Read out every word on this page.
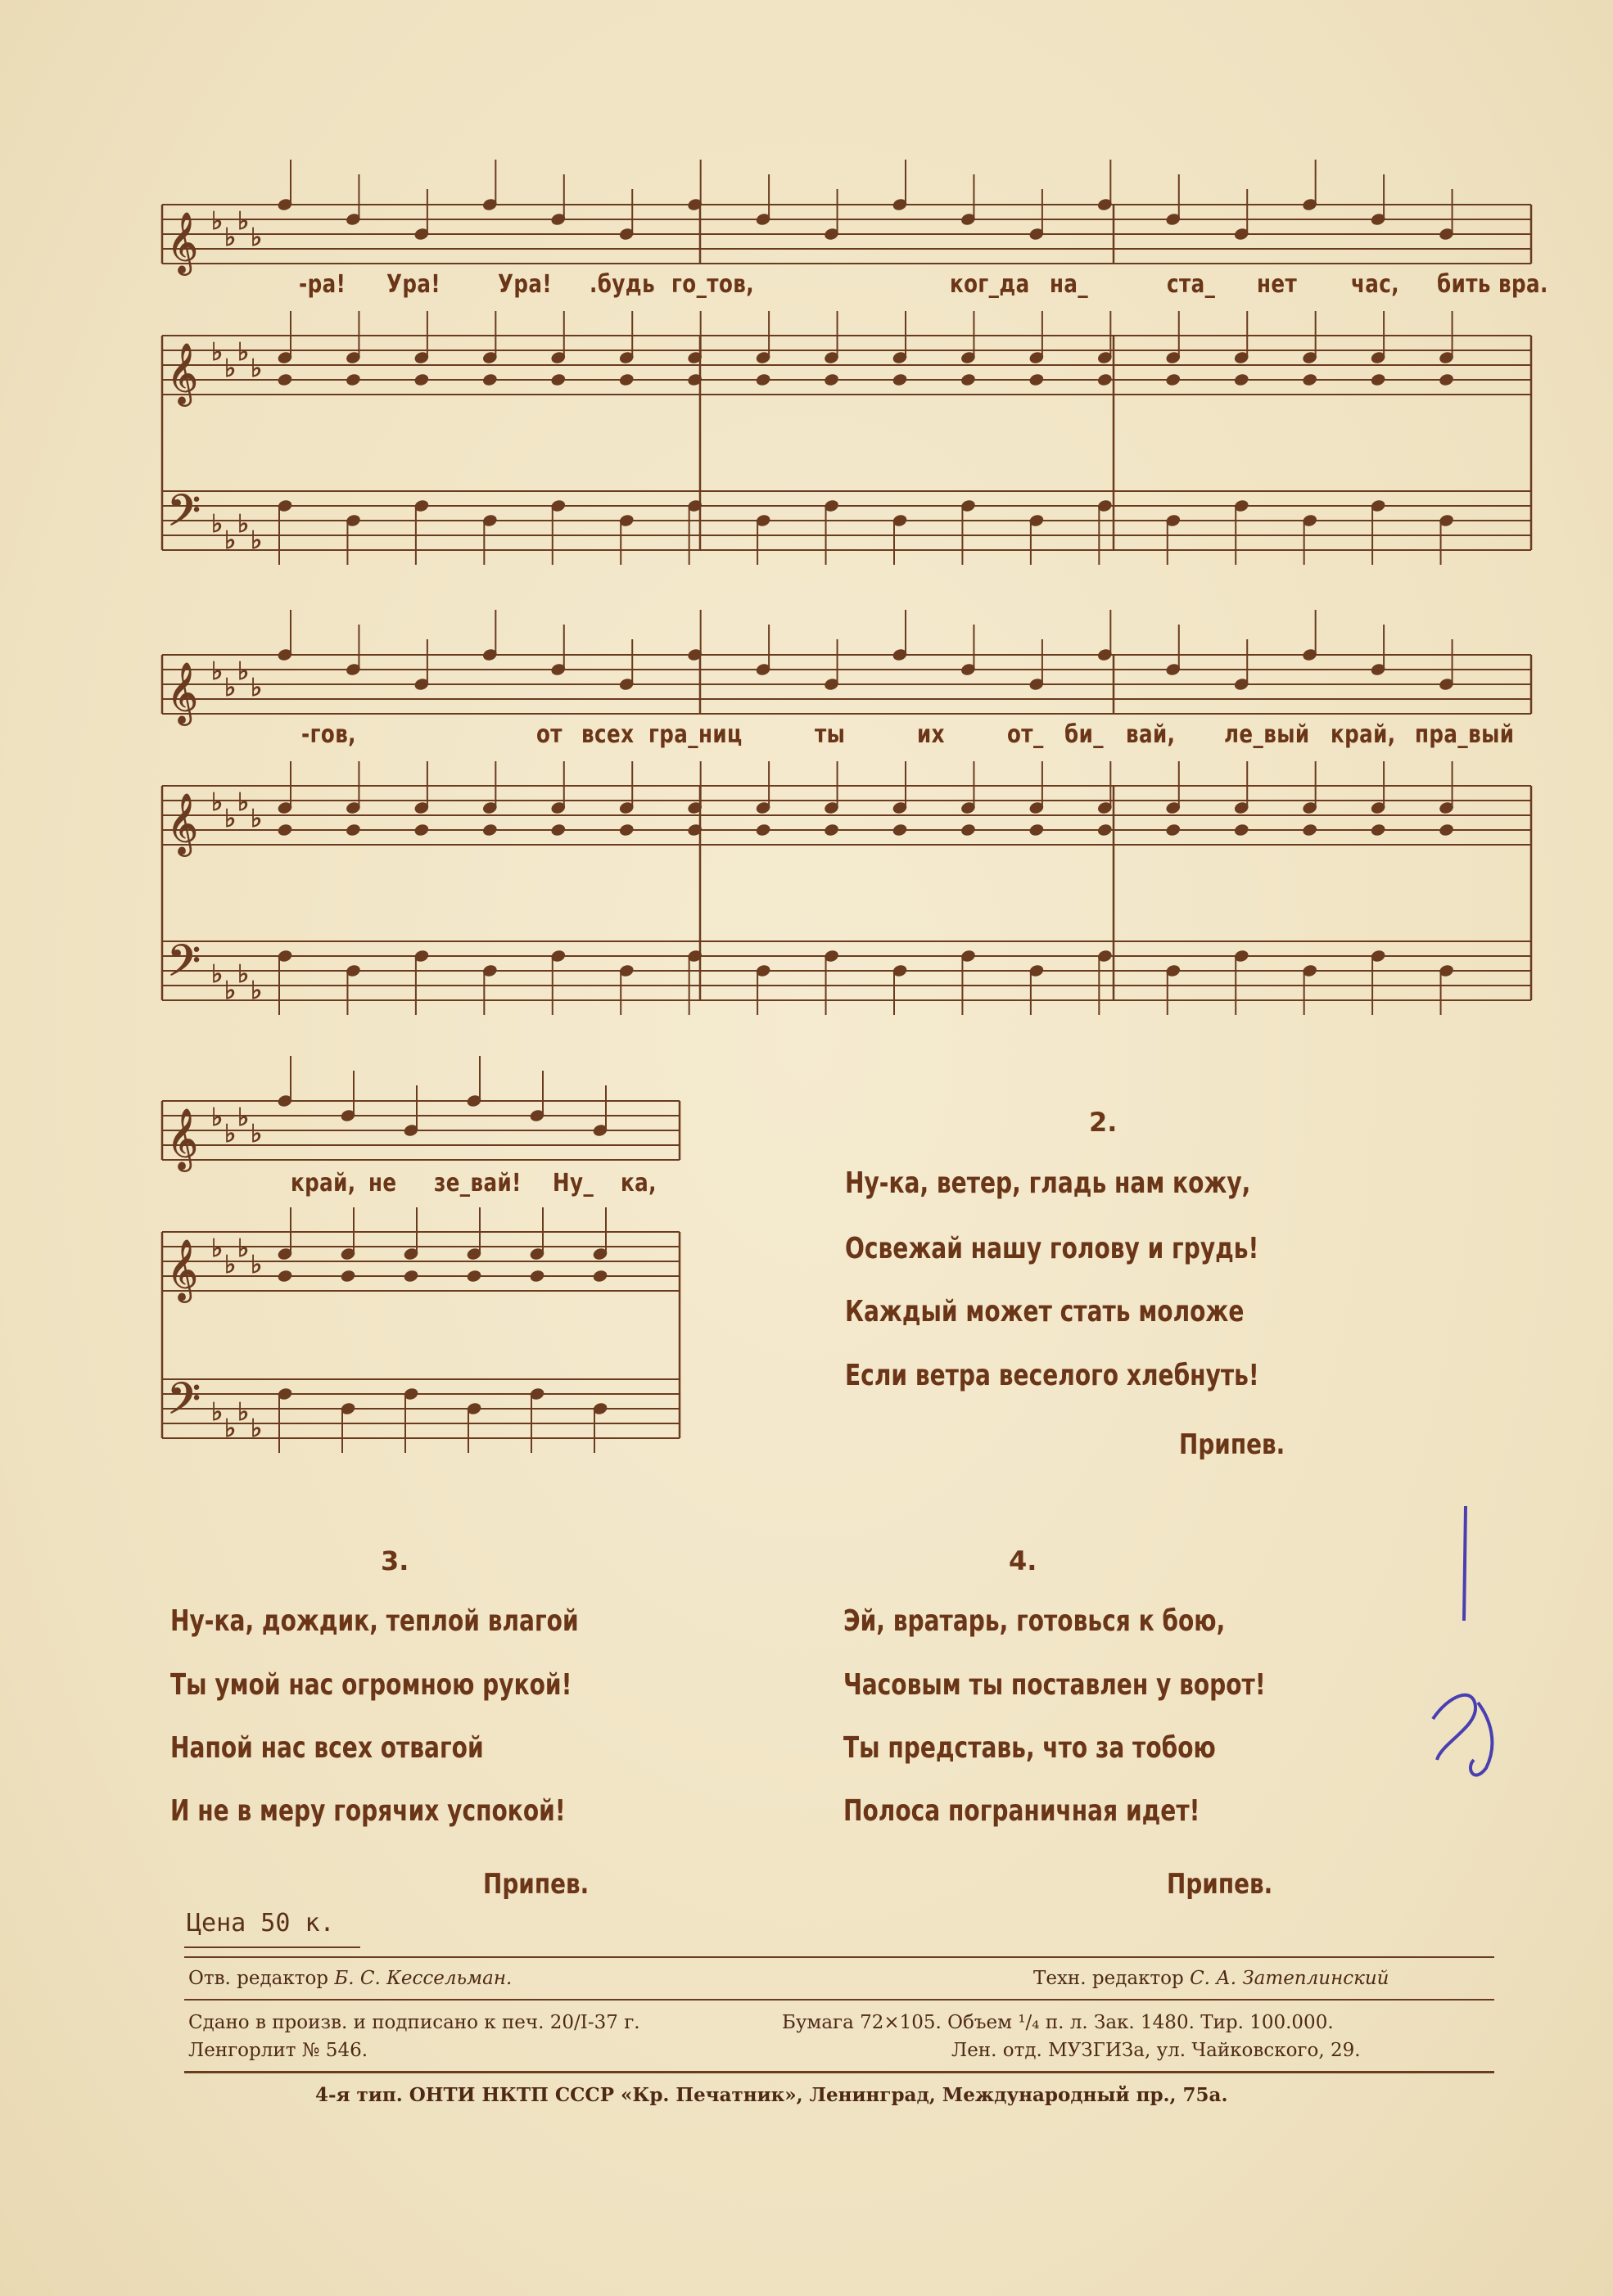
𝄞
𝄞
𝄢
♭
♭
♭
♭
♭
♭
♭
♭
♭
♭
♭
♭
𝄞
𝄞
𝄢
♭
♭
♭
♭
♭
♭
♭
♭
♭
♭
♭
♭
𝄞
𝄞
𝄢
♭
♭
♭
♭
♭
♭
♭
♭
♭
♭
♭
♭
-ра! Ура! Ура! .будь го_тов,	ког_да на_	ста_ нет час, бить вра.
-гов,	от всех гра_ниц	ты	их	от_ би_ вай, ле_вый край, пра_вый
край, не зе_вай! Ну_ ка,
2.
Ну-ка, ветер, гладь нам кожу,
Освежай нашу голову и грудь!
Каждый может стать моложе
Если ветра веселого хлебнуть!
Припев.
3.
Ну-ка, дождик, теплой влагой
Ты умой нас огромною рукой!
Напой нас всех отвагой
И не в меру горячих успокой!
Припев.
4.
Эй, вратарь, готовься к бою,
Часовым ты поставлен у ворот!
Ты представь, что за тобою
Полоса пограничная идет!
Припев.
Цена 50 к.
Отв. редактор Б. С. Кессельман.	Техн. редактор С. А. Затеплинский
Сдано в произв. и подписано к печ. 20/I-37 г.	Бумага 72×105. Объем ¹/₄ п. л. Зак. 1480. Тир. 100.000.
Ленгорлит № 546.	Лен. отд. МУЗГИЗа, ул. Чайковского, 29.
4-я тип. ОНТИ НКТП СССР «Кр. Печатник», Ленинград, Международный пр., 75а.
